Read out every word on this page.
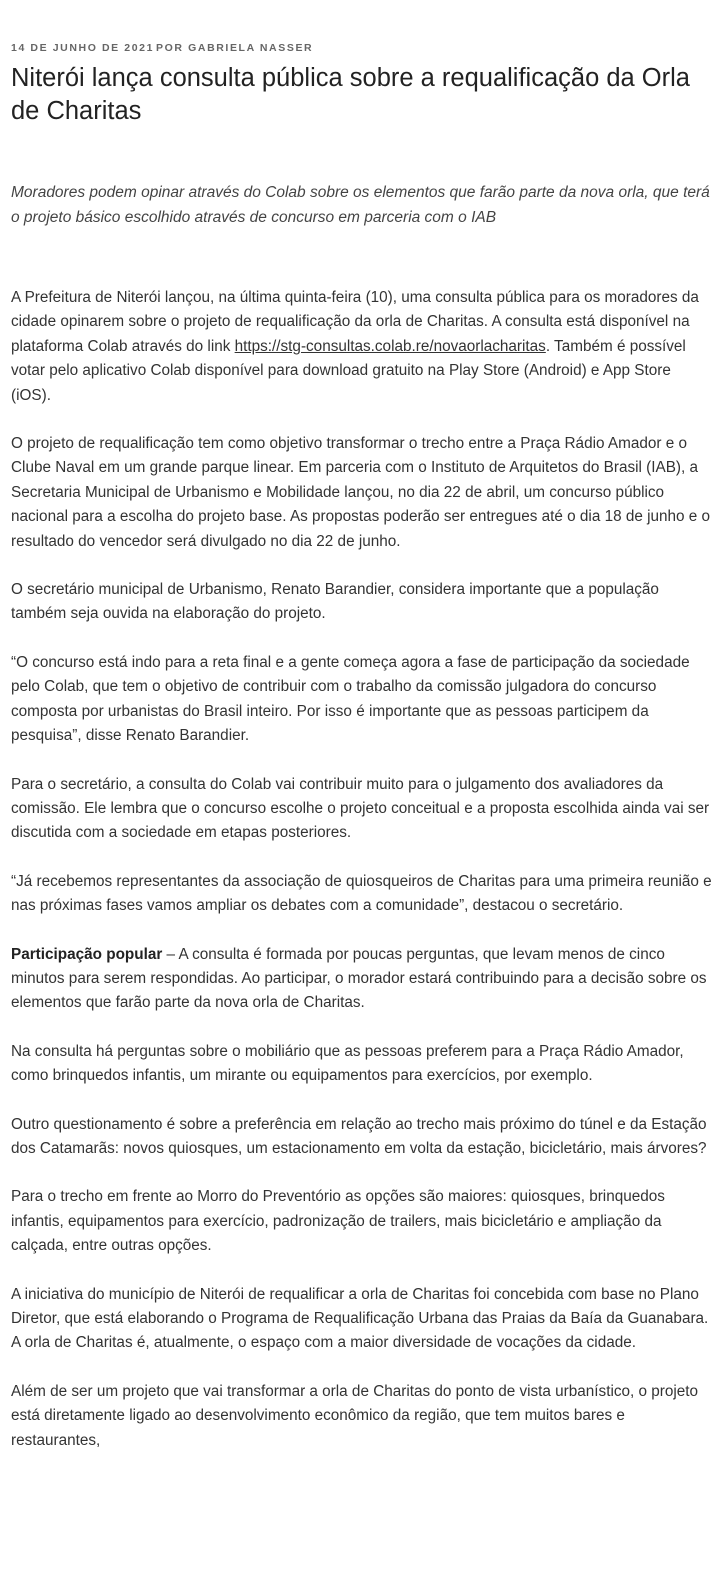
14 DE JUNHO DE 2021 POR GABRIELA NASSER
Niterói lança consulta pública sobre a requalificação da Orla de Charitas

Moradores podem opinar através do Colab sobre os elementos que farão parte da nova orla, que terá o projeto básico escolhido através de concurso em parceria com o IAB

A Prefeitura de Niterói lançou, na última quinta-feira (10), uma consulta pública para os moradores da cidade opinarem sobre o projeto de requalificação da orla de Charitas. A consulta está disponível na plataforma Colab através do link https://stg-consultas.colab.re/novaorlacharitas. Também é possível votar pelo aplicativo Colab disponível para download gratuito na Play Store (Android) e App Store (iOS).

O projeto de requalificação tem como objetivo transformar o trecho entre a Praça Rádio Amador e o Clube Naval em um grande parque linear. Em parceria com o Instituto de Arquitetos do Brasil (IAB), a Secretaria Municipal de Urbanismo e Mobilidade lançou, no dia 22 de abril, um concurso público nacional para a escolha do projeto base. As propostas poderão ser entregues até o dia 18 de junho e o resultado do vencedor será divulgado no dia 22 de junho.

O secretário municipal de Urbanismo, Renato Barandier, considera importante que a população também seja ouvida na elaboração do projeto.

“O concurso está indo para a reta final e a gente começa agora a fase de participação da sociedade pelo Colab, que tem o objetivo de contribuir com o trabalho da comissão julgadora do concurso composta por urbanistas do Brasil inteiro. Por isso é importante que as pessoas participem da pesquisa”, disse Renato Barandier.

Para o secretário, a consulta do Colab vai contribuir muito para o julgamento dos avaliadores da comissão. Ele lembra que o concurso escolhe o projeto conceitual e a proposta escolhida ainda vai ser discutida com a sociedade em etapas posteriores.

“Já recebemos representantes da associação de quiosqueiros de Charitas para uma primeira reunião e nas próximas fases vamos ampliar os debates com a comunidade”, destacou o secretário.

Participação popular – A consulta é formada por poucas perguntas, que levam menos de cinco minutos para serem respondidas. Ao participar, o morador estará contribuindo para a decisão sobre os elementos que farão parte da nova orla de Charitas.

Na consulta há perguntas sobre o mobiliário que as pessoas preferem para a Praça Rádio Amador, como brinquedos infantis, um mirante ou equipamentos para exercícios, por exemplo.

Outro questionamento é sobre a preferência em relação ao trecho mais próximo do túnel e da Estação dos Catamarãs: novos quiosques, um estacionamento em volta da estação, bicicletário, mais árvores?

Para o trecho em frente ao Morro do Preventório as opções são maiores: quiosques, brinquedos infantis, equipamentos para exercício, padronização de trailers, mais bicicletário e ampliação da calçada, entre outras opções.

A iniciativa do município de Niterói de requalificar a orla de Charitas foi concebida com base no Plano Diretor, que está elaborando o Programa de Requalificação Urbana das Praias da Baía da Guanabara. A orla de Charitas é, atualmente, o espaço com a maior diversidade de vocações da cidade.

Além de ser um projeto que vai transformar a orla de Charitas do ponto de vista urbanístico, o projeto está diretamente ligado ao desenvolvimento econômico da região, que tem muitos bares e restaurantes,
